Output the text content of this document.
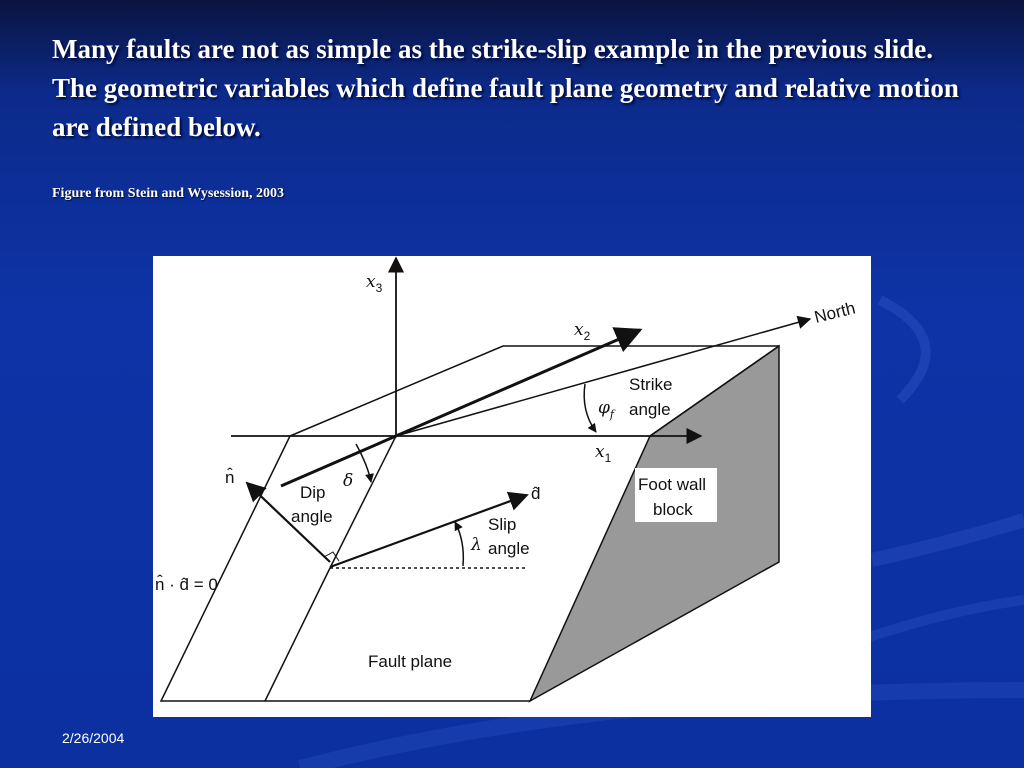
Many faults are not as simple as the strike-slip example in the previous slide. The geometric variables which define fault plane geometry and relative motion are defined below.
Figure from Stein and Wysession, 2003
$x_3$
$x_2$
$x_1$
North
$\varphi_f$
Strike
angle
δ
Dip
angle
n̂
d̂
λ
Slip
angle
n̂ · d̂ = 0
Foot wall
block
Fault plane
2/26/2004
